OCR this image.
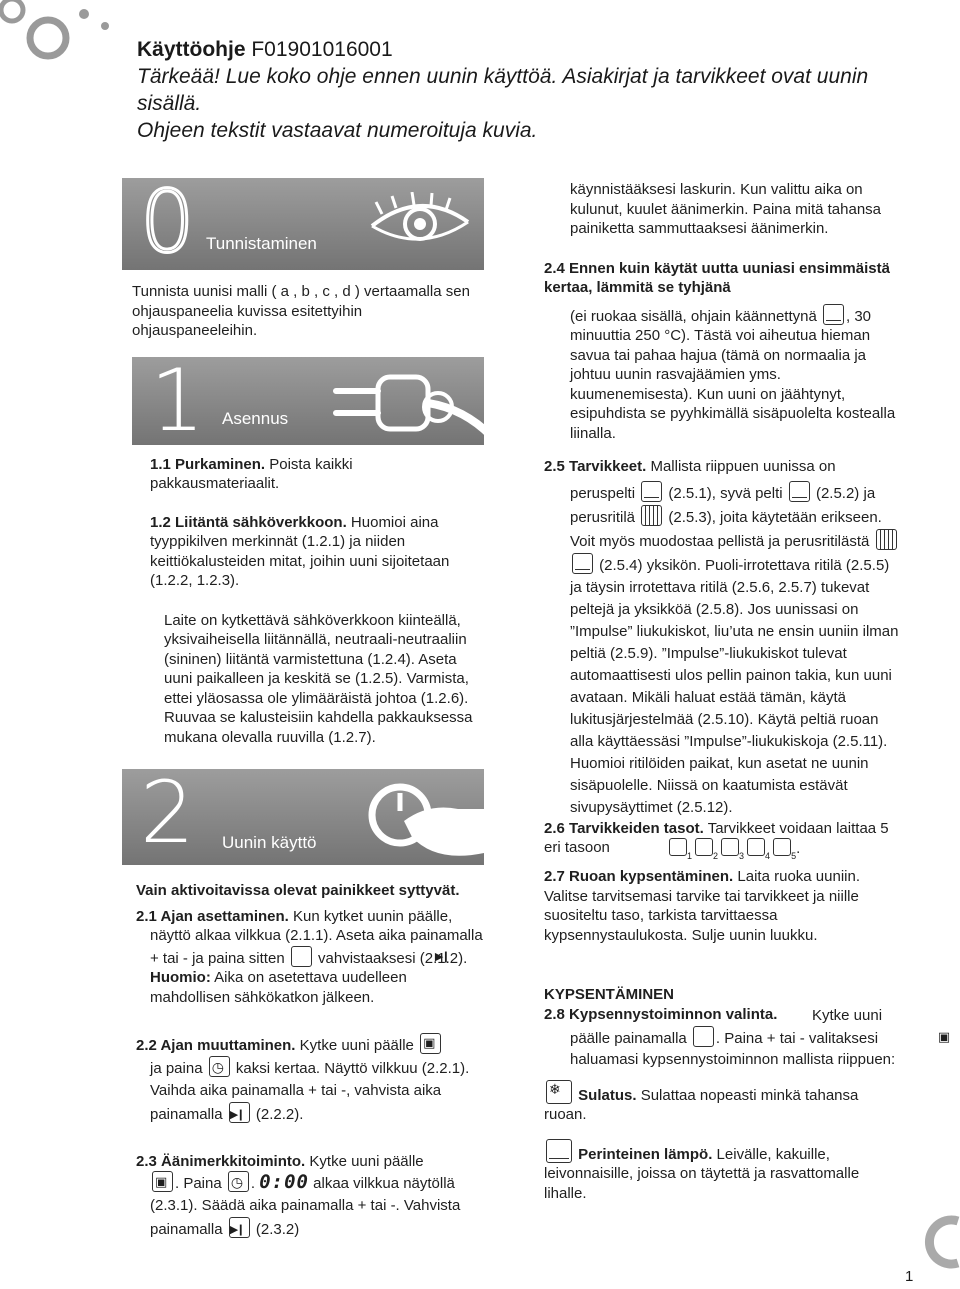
Käyttöohje F01901016001
Tärkeää! Lue koko ohje ennen uunin käyttöä. Asiakirjat ja tarvikkeet ovat uunin sisällä.
Ohjeen tekstit vastaavat numeroituja kuvia.
0 Tunnistaminen

Tunnista uunisi malli ( a , b , c , d ) vertaamalla sen ohjauspaneelia kuvissa esitettyihin ohjauspaneeleihin.

1 Asennus

1.1 Purkaminen. Poista kaikki pakkausmateriaalit.

1.2 Liitäntä sähköverkkoon. Huomioi aina tyyppikilven merkinnät (1.2.1) ja niiden keittiökalusteiden mitat, joihin uuni sijoitetaan (1.2.2, 1.2.3).

Laite on kytkettävä sähköverkkoon kiinteällä, yksivaiheisella liitännällä, neutraali-neutraaliin (sininen) liitäntä varmistettuna (1.2.4). Aseta uuni paikalleen ja keskitä se (1.2.5). Varmista, ettei yläosassa ole ylimääräistä johtoa (1.2.6). Ruuvaa se kalusteisiin kahdella pakkauksessa mukana olevalla ruuvilla (1.2.7).

2 Uunin käyttö

Vain aktivoitavissa olevat painikkeet syttyvät.

2.1 Ajan asettaminen. Kun kytket uunin päälle, näyttö alkaa vilkkua (2.1.1). Aseta aika painamalla + tai - ja paina sitten ▶❙ vahvistaaksesi (2.1.2).

Huomio: Aika on asetettava uudelleen mahdollisen sähkökatkon jälkeen.

2.2 Ajan muuttaminen. Kytke uuni päälle ▣

ja paina ◷ kaksi kertaa. Näyttö vilkkuu (2.2.1). Vaihda aika painamalla + tai -, vahvista aika painamalla ▶❙ (2.2.2).

2.3 Äänimerkkitoiminto. Kytke uuni päälle

▣. Paina ◷ . 0:00 alkaa vilkkua näytöllä (2.3.1). Säädä aika painamalla + tai -. Vahvista painamalla ▶❙ (2.3.2)

käynnistääksesi laskurin. Kun valittu aika on kulunut, kuulet äänimerkin. Paina mitä tahansa painiketta sammuttaaksesi äänimerkin.

2.4 Ennen kuin käytät uutta uuniasi ensimmäistä kertaa, lämmitä se tyhjänä

(ei ruokaa sisällä, ohjain käännettynä , 30 minuuttia 250 °C). Tästä voi aiheutua hieman savua tai pahaa hajua (tämä on normaalia ja johtuu uunin rasvajäämien yms. kuumenemisesta). Kun uuni on jäähtynyt, esipuhdista se pyyhkimällä sisäpuolelta kostealla liinalla.

2.5 Tarvikkeet. Mallista riippuen uunissa on

peruspelti (2.5.1), syvä pelti (2.5.2) ja perusritilä (2.5.3), joita käytetään erikseen. Voit myös muodostaa pellistä ja perusritilästä  (2.5.4) yksikön. Puoli-irrotettava ritilä (2.5.5) ja täysin irrotettava ritilä (2.5.6, 2.5.7) tukevat peltejä ja yksikköä (2.5.8). Jos uunissasi on ”Impulse” liukukiskot, liu’uta ne ensin uuniin ilman peltiä (2.5.9). ”Impulse”-liukukiskot tulevat automaattisesti ulos pellin painon takia, kun uuni avataan. Mikäli haluat estää tämän, käytä lukitusjärjestelmää (2.5.10). Käytä peltiä ruoan alla käyttäessäsi ”Impulse”-liukukiskoja (2.5.11). Huomioi ritilöiden paikat, kun asetat ne uunin sisäpuolelle. Niissä on kaatumista estävät sivupysäyttimet (2.5.12).

2.6 Tarvikkeiden tasot. Tarvikkeet voidaan laittaa 5 eri tasoon	$_1$ $_2$ $_3$ $_4$ $_5$.

2.7 Ruoan kypsentäminen. Laita ruoka uuniin. Valitse tarvitsemasi tarvike tai tarvikkeet ja niille suositeltu taso, tarkista tarvittaessa kypsennystaulukosta. Sulje uunin luukku.

KYPSENTÄMINEN

2.8 Kypsennystoiminnon valinta.	Kytke uuni päälle painamalla ▣ . Paina + tai - valitaksesi haluamasi kypsennystoiminnon mallista riippuen:

❄ Sulatus. Sulattaa nopeasti minkä tahansa ruoan.

Perinteinen lämpö. Leivälle, kakuille, leivonnaisille, joissa on täytettä ja rasvattomalle lihalle.

1
